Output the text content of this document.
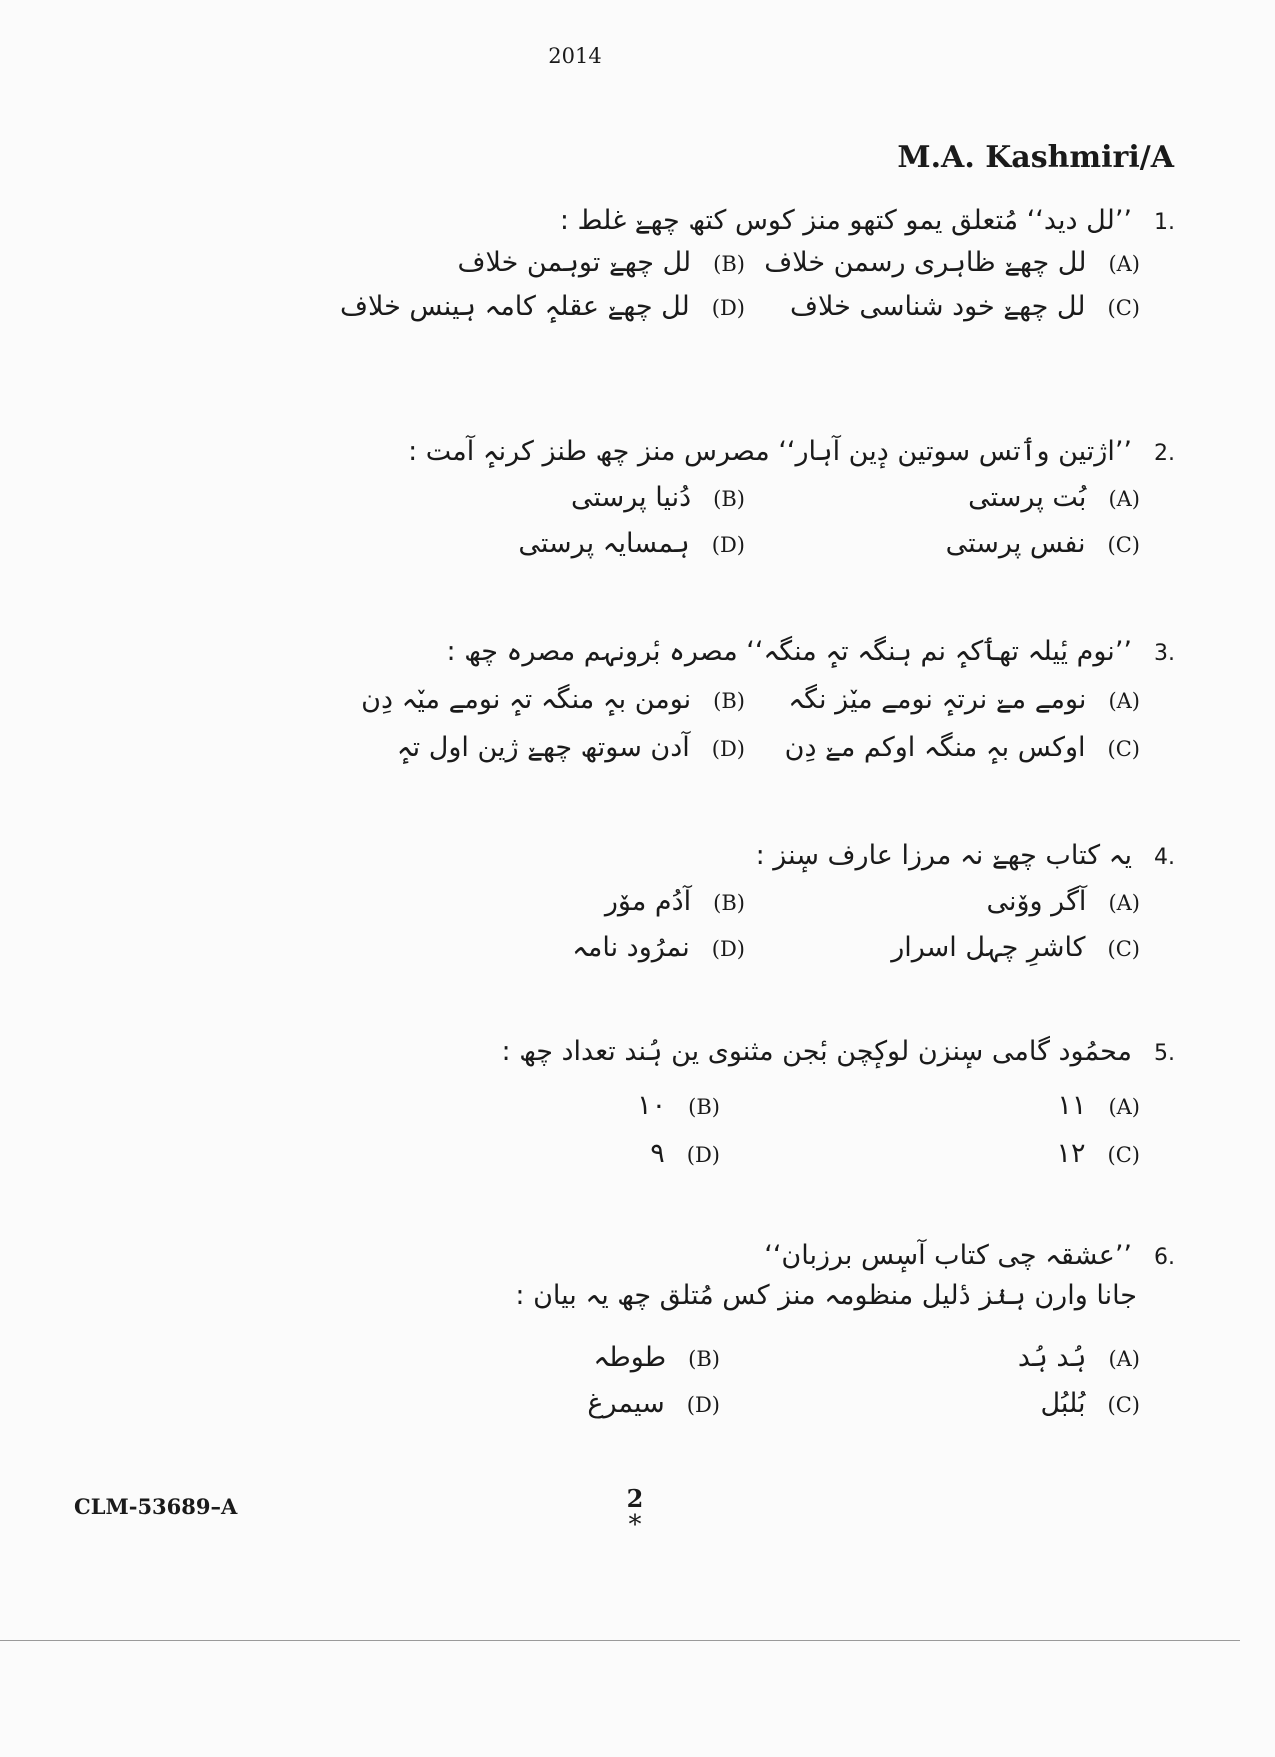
2014
M.A. Kashmiri/A
1.’’لل دید‘‘ مُتعلق یمو کتھو منز کوس کتھ چھےٚ غلط :
(A)لل چھےٚ ظاہری رسمن خلاف
(B)لل چھےٚ توہمن خلاف
(C)لل چھےٚ خود شناسی خلاف
(D)لل چھےٚ عقلہٕ کامہ ہینس خلاف
2.’’اژتین وٲتس سوتین دٕین آہار‘‘ مصرس منز چھ طنز کرنہٕ آمت :
(A)بُت پرستی
(B)دُنیا پرستی
(C)نفس پرستی
(D)ہمسایہ پرستی
3.’’نوم یٔیلہ تھٲکہٕ نم ہنگہ تہٕ منگہ‘‘ مصرہ بٔرونہم مصرہ چھ :
(A)نومے مےٚ نرتہٕ نومے میٚز نگہ
(B)نومن بہٕ منگہ تہٕ نومے میٚہ دِن
(C)اوکس بہٕ منگہ اوکم مےٚ دِن
(D)آدن سوتھ چھےٚ ژین اول تہٕ
4.یہ کتاب چھےٚ نہ مرزا عارف سٕنز :
(A)آگر ووٚنی
(B)آدُم موٚر
(C)کاشرِ چہل اسرار
(D)نمرُود نامہ
5.محمُود گامی سٕنزن لوکٕچن بٔجن مثنوی ین ہُند تعداد چھ :
(A)۱۱
(B)۱۰
(C)۱۲
(D)۹
6.’’عشقہ چی کتاب آسٕس برزبان‘‘
جانا وارن ہنٛز دٔلیل منظومہ منز کس مُتلق چھ یہ بیان :
(A)ہُد ہُد
(B)طوطہ
(C)بُلبُل
(D)سیمرغ
CLM-53689–A	2
*
